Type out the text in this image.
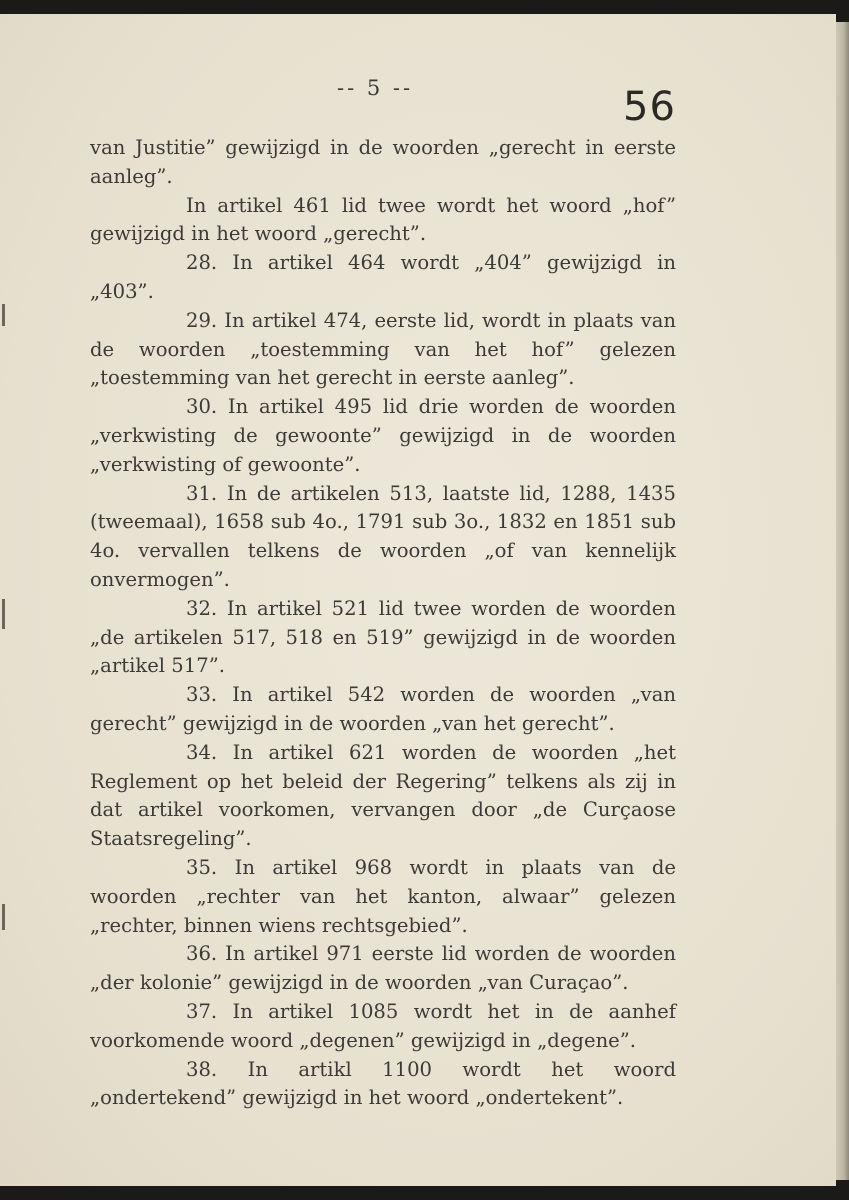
-- 5 --	56

van Justitie” gewijzigd in de woorden „gerecht in eerste aanleg”.

In artikel 461 lid twee wordt het woord „hof” gewijzigd in het woord „gerecht”.

28. In artikel 464 wordt „404” gewijzigd in „403”.

29. In artikel 474, eerste lid, wordt in plaats van de woorden „toestemming van het hof” gelezen „toestemming van het gerecht in eerste aanleg”.

30. In artikel 495 lid drie worden de woorden „verkwisting de gewoonte” gewijzigd in de woorden „verkwisting of gewoonte”.

31. In de artikelen 513, laatste lid, 1288, 1435 (tweemaal), 1658 sub 4o., 1791 sub 3o., 1832 en 1851 sub 4o. vervallen telkens de woorden „of van kennelijk onvermogen”.

32. In artikel 521 lid twee worden de woorden „de artikelen 517, 518 en 519” gewijzigd in de woorden „artikel 517”.

33. In artikel 542 worden de woorden „van gerecht” gewijzigd in de woorden „van het gerecht”.

34. In artikel 621 worden de woorden „het Reglement op het beleid der Regering” telkens als zij in dat artikel voorkomen, vervangen door „de Curçaose Staatsregeling”.

35. In artikel 968 wordt in plaats van de woorden „rechter van het kanton, alwaar” gelezen „rechter, binnen wiens rechtsgebied”.

36. In artikel 971 eerste lid worden de woorden „der kolonie” gewijzigd in de woorden „van Curaçao”.

37. In artikel 1085 wordt het in de aanhef voorkomende woord „degenen” gewijzigd in „degene”.

38. In artikl 1100 wordt het woord „ondertekend” gewijzigd in het woord „ondertekent”.
